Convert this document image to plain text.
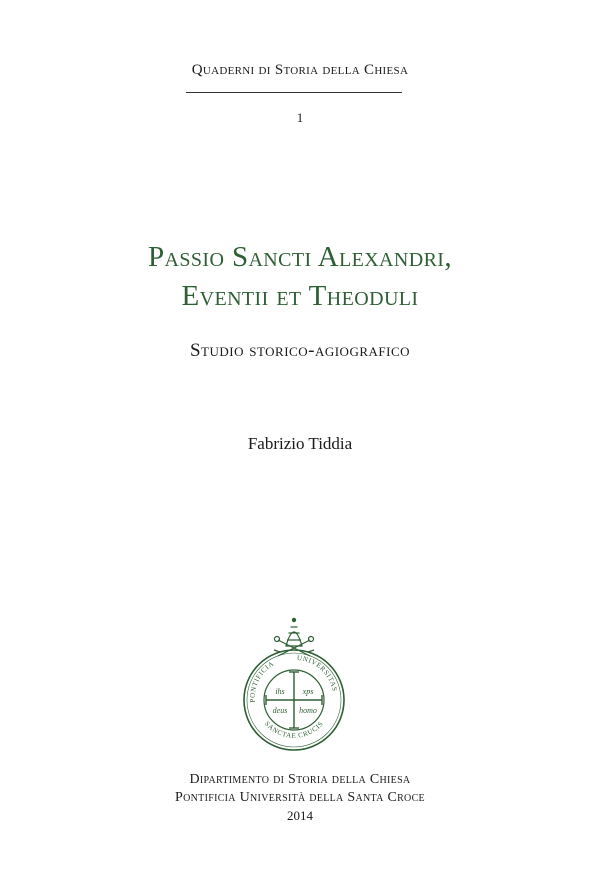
Quaderni di Storia della Chiesa
1
Passio Sancti Alexandri,
Eventii et Theoduli
Studio storico-agiografico
Fabrizio Tiddia
PONTIFICIA
UNIVERSITAS
SANCTAE CRUCIS
ihs xps
deus homo
Dipartimento di Storia della Chiesa
Pontificia Università della Santa Croce
2014
